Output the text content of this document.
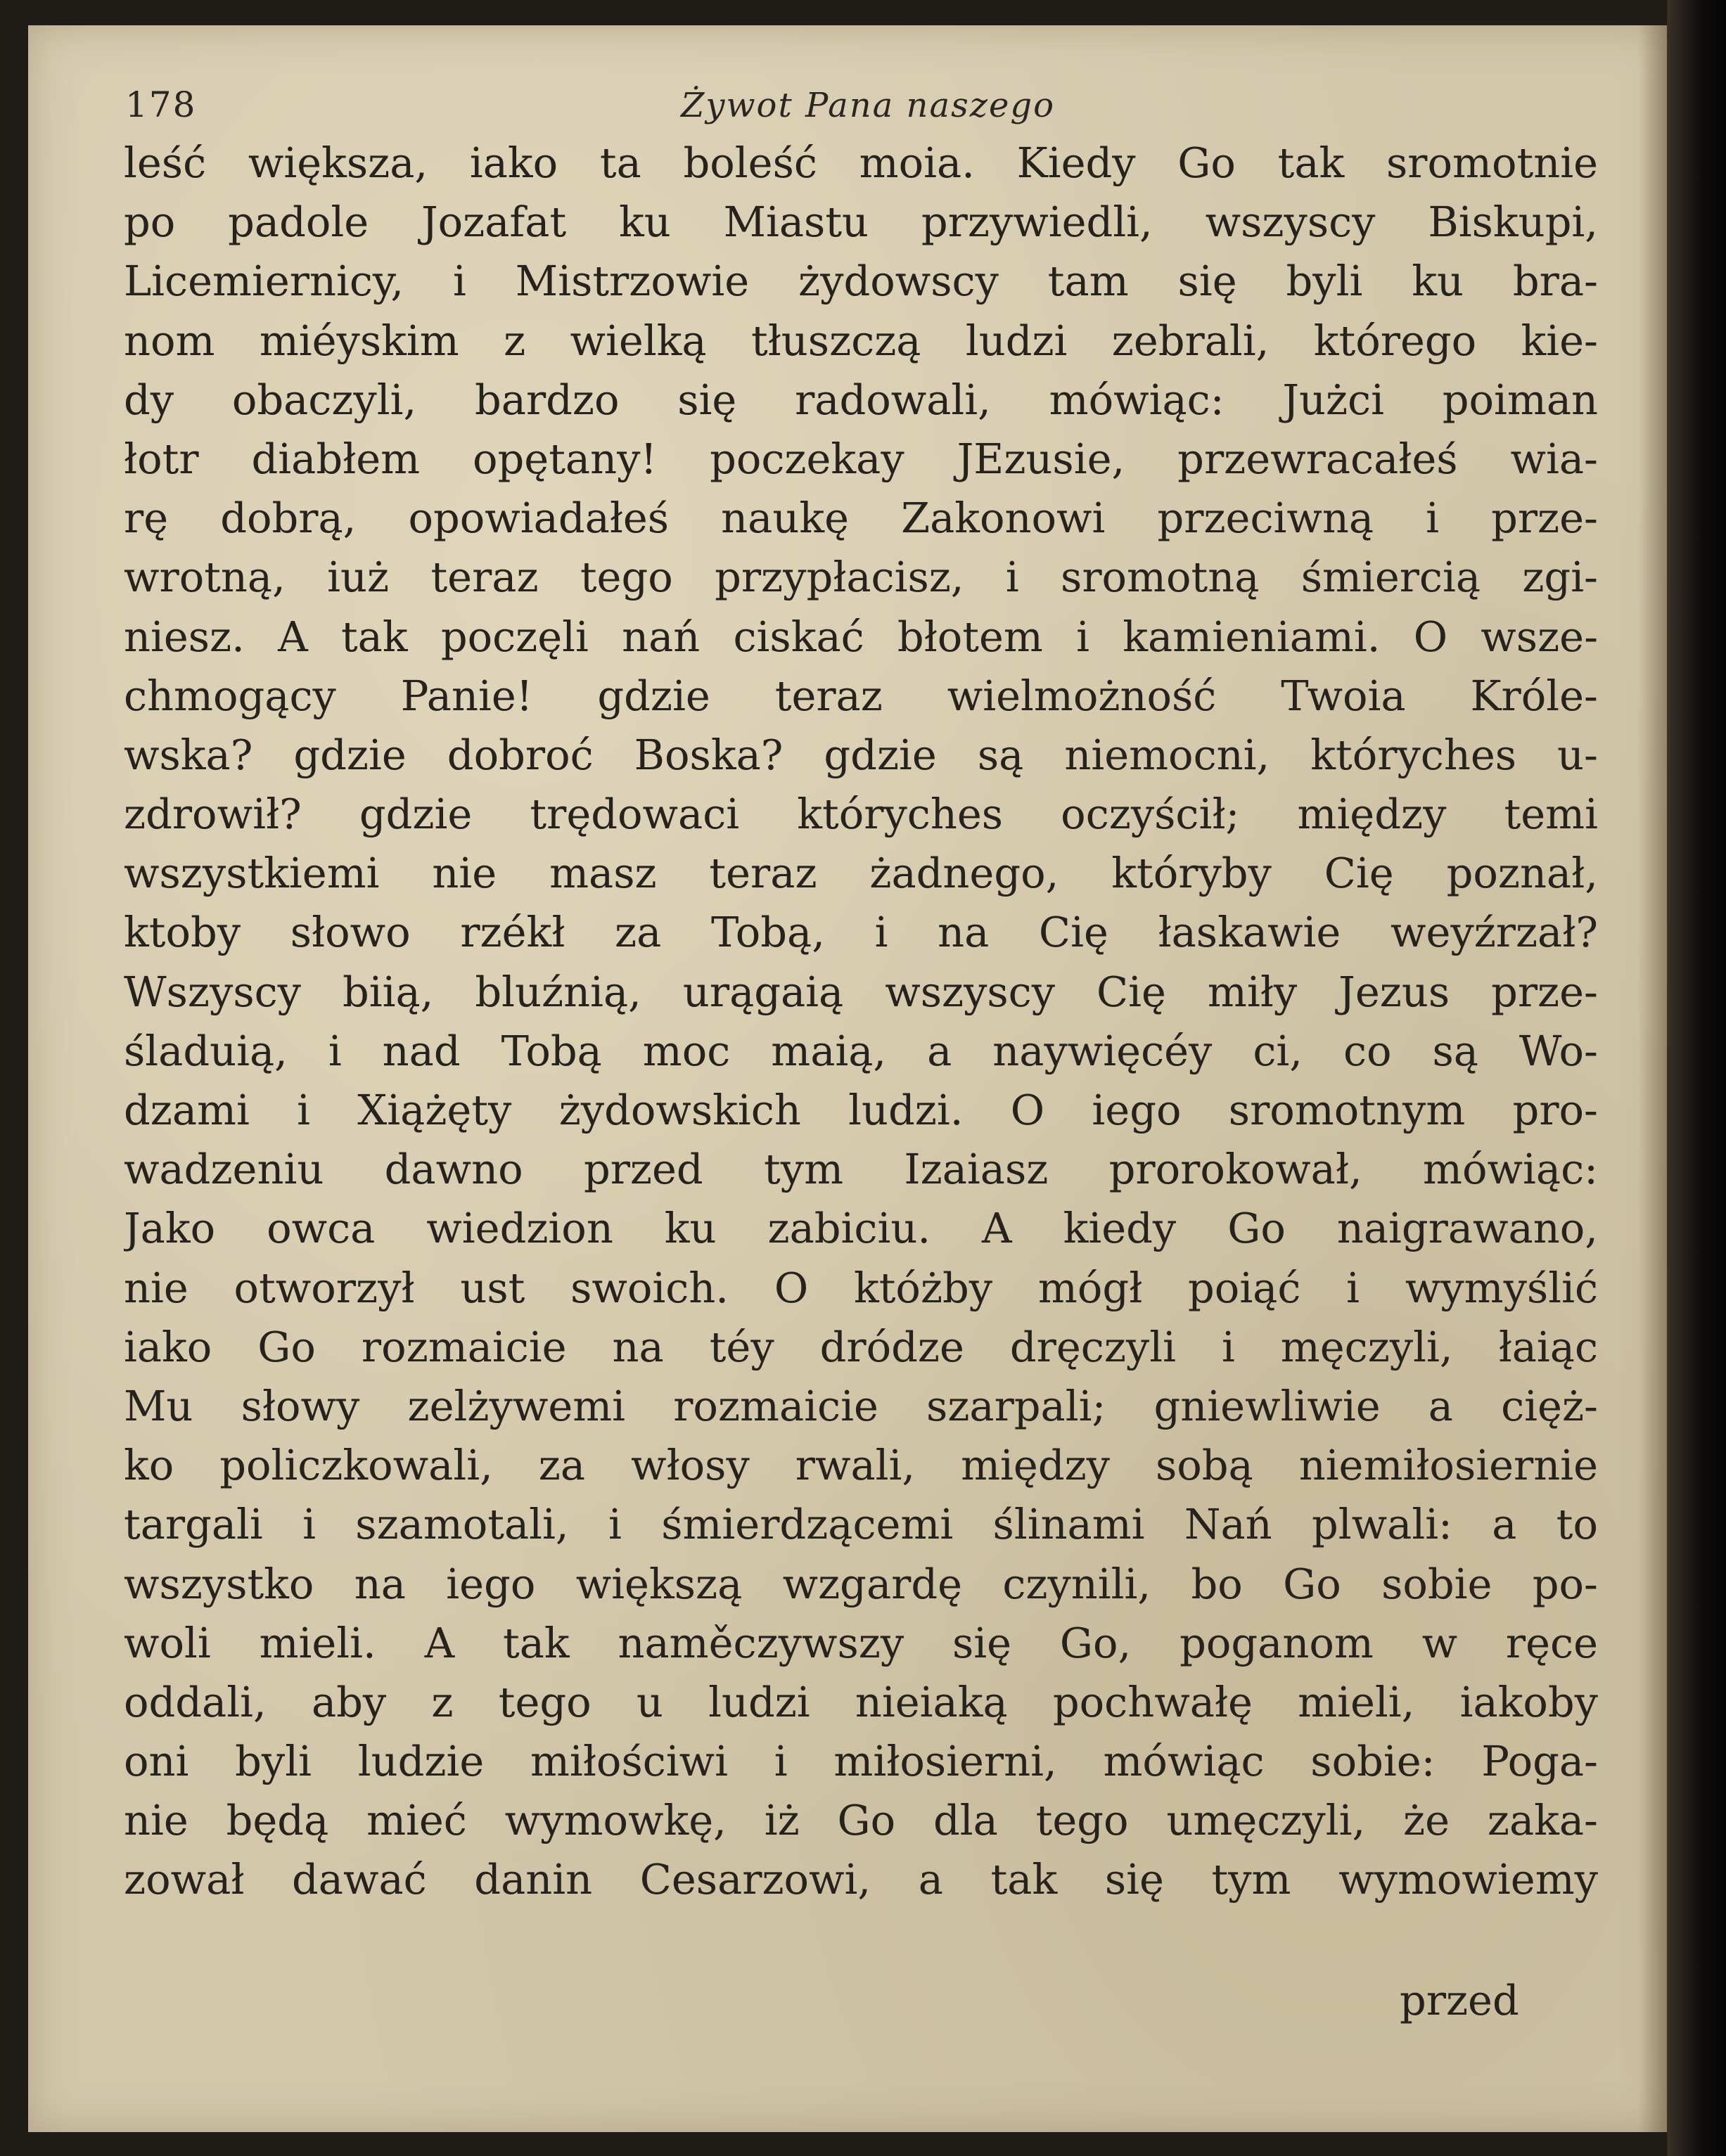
178	Żywot Pana naszego
leść większa, iako ta boleść moia. Kiedy Go tak sromotnie
po padole Jozafat ku Miastu przywiedli, wszyscy Biskupi,
Licemiernicy, i Mistrzowie żydowscy tam się byli ku bra-
nom miéyskim z wielką tłuszczą ludzi zebrali, którego kie-
dy obaczyli, bardzo się radowali, mówiąc: Jużci poiman
łotr diabłem opętany! poczekay JEzusie, przewracałeś wia-
rę dobrą, opowiadałeś naukę Zakonowi przeciwną i prze-
wrotną, iuż teraz tego przypłacisz, i sromotną śmiercią zgi-
niesz. A tak poczęli nań ciskać błotem i kamieniami. O wsze-
chmogący Panie! gdzie teraz wielmożność Twoia Króle-
wska? gdzie dobroć Boska? gdzie są niemocni, któryches u-
zdrowił? gdzie trędowaci któryches oczyścił; między temi
wszystkiemi nie masz teraz żadnego, któryby Cię poznał,
ktoby słowo rzékł za Tobą, i na Cię łaskawie weyźrzał?
Wszyscy biią, bluźnią, urągaią wszyscy Cię miły Jezus prze-
śladuią, i nad Tobą moc maią, a naywięcéy ci, co są Wo-
dzami i Xiążęty żydowskich ludzi. O iego sromotnym pro-
wadzeniu dawno przed tym Izaiasz prorokował, mówiąc:
Jako owca wiedzion ku zabiciu. A kiedy Go naigrawano,
nie otworzył ust swoich. O któżby mógł poiąć i wymyślić
iako Go rozmaicie na téy dródze dręczyli i męczyli, łaiąc
Mu słowy zelżywemi rozmaicie szarpali; gniewliwie a cięż-
ko policzkowali, za włosy rwali, między sobą niemiłosiernie
targali i szamotali, i śmierdzącemi ślinami Nań plwali: a to
wszystko na iego większą wzgardę czynili, bo Go sobie po-
woli mieli. A tak naměczywszy się Go, poganom w ręce
oddali, aby z tego u ludzi nieiaką pochwałę mieli, iakoby
oni byli ludzie miłościwi i miłosierni, mówiąc sobie: Poga-
nie będą mieć wymowkę, iż Go dla tego umęczyli, że zaka-
zował dawać danin Cesarzowi, a tak się tym wymowiemy
przed
